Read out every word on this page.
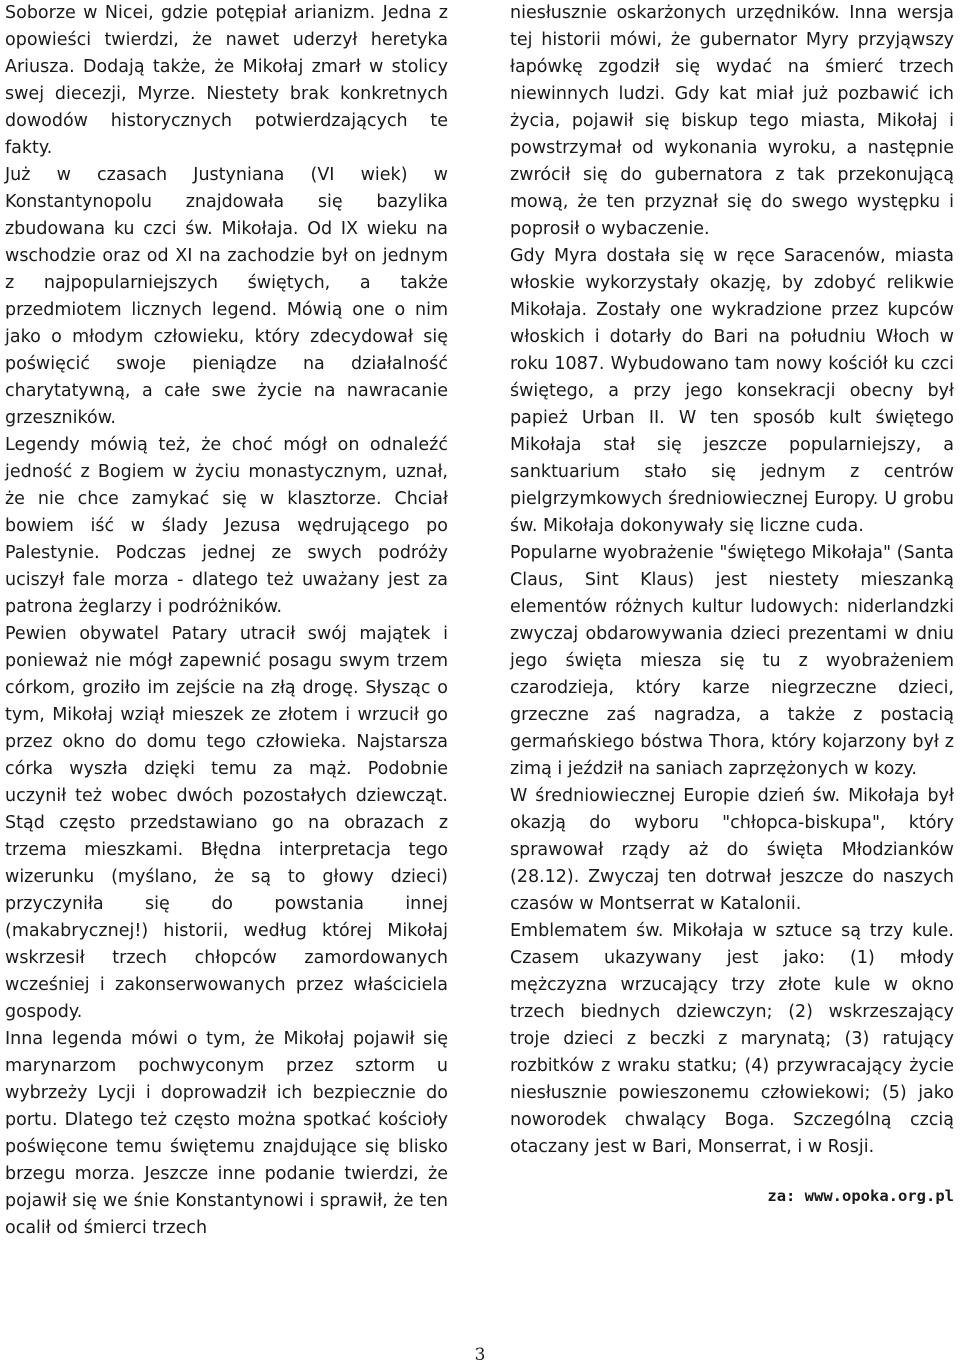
Soborze w Nicei, gdzie potępiał arianizm. Jedna z opowieści twierdzi, że nawet uderzył heretyka Ariusza. Dodają także, że Mikołaj zmarł w stolicy swej diecezji, Myrze. Niestety brak konkretnych dowodów historycznych potwierdzających te fakty.

Już w czasach Justyniana (VI wiek) w Konstantynopolu znajdowała się bazylika zbudowana ku czci św. Mikołaja. Od IX wieku na wschodzie oraz od XI na zachodzie był on jednym z najpopularniejszych świętych, a także przedmiotem licznych legend. Mówią one o nim jako o młodym człowieku, który zdecydował się poświęcić swoje pieniądze na działalność charytatywną, a całe swe życie na nawracanie grzeszników.

Legendy mówią też, że choć mógł on odnaleźć jedność z Bogiem w życiu monastycznym, uznał, że nie chce zamykać się w klasztorze. Chciał bowiem iść w ślady Jezusa wędrującego po Palestynie. Podczas jednej ze swych podróży uciszył fale morza - dlatego też uważany jest za patrona żeglarzy i podróżników.

Pewien obywatel Patary utracił swój majątek i ponieważ nie mógł zapewnić posagu swym trzem córkom, groziło im zejście na złą drogę. Słysząc o tym, Mikołaj wziął mieszek ze złotem i wrzucił go przez okno do domu tego człowieka. Najstarsza córka wyszła dzięki temu za mąż. Podobnie uczynił też wobec dwóch pozostałych dziewcząt. Stąd często przedstawiano go na obrazach z trzema mieszkami. Błędna interpretacja tego wizerunku (myślano, że są to głowy dzieci) przyczyniła się do powstania innej (makabrycznej!) historii, według której Mikołaj wskrzesił trzech chłopców zamordowanych wcześniej i zakonserwowanych przez właściciela gospody.

Inna legenda mówi o tym, że Mikołaj pojawił się marynarzom pochwyconym przez sztorm u wybrzeży Lycji i doprowadził ich bezpiecznie do portu. Dlatego też często można spotkać kościoły poświęcone temu świętemu znajdujące się blisko brzegu morza. Jeszcze inne podanie twierdzi, że pojawił się we śnie Konstantynowi i sprawił, że ten ocalił od śmierci trzech

niesłusznie oskarżonych urzędników. Inna wersja tej historii mówi, że gubernator Myry przyjąwszy łapówkę zgodził się wydać na śmierć trzech niewinnych ludzi. Gdy kat miał już pozbawić ich życia, pojawił się biskup tego miasta, Mikołaj i powstrzymał od wykonania wyroku, a następnie zwrócił się do gubernatora z tak przekonującą mową, że ten przyznał się do swego występku i poprosił o wybaczenie.

Gdy Myra dostała się w ręce Saracenów, miasta włoskie wykorzystały okazję, by zdobyć relikwie Mikołaja. Zostały one wykradzione przez kupców włoskich i dotarły do Bari na południu Włoch w roku 1087. Wybudowano tam nowy kościół ku czci świętego, a przy jego konsekracji obecny był papież Urban II. W ten sposób kult świętego Mikołaja stał się jeszcze popularniejszy, a sanktuarium stało się jednym z centrów pielgrzymkowych średniowiecznej Europy. U grobu św. Mikołaja dokonywały się liczne cuda.

Popularne wyobrażenie "świętego Mikołaja" (Santa Claus, Sint Klaus) jest niestety mieszanką elementów różnych kultur ludowych: niderlandzki zwyczaj obdarowywania dzieci prezentami w dniu jego święta miesza się tu z wyobrażeniem czarodzieja, który karze niegrzeczne dzieci, grzeczne zaś nagradza, a także z postacią germańskiego bóstwa Thora, który kojarzony był z zimą i jeździł na saniach zaprzężonych w kozy.

W średniowiecznej Europie dzień św. Mikołaja był okazją do wyboru "chłopca-biskupa", który sprawował rządy aż do święta Młodzianków (28.12). Zwyczaj ten dotrwał jeszcze do naszych czasów w Montserrat w Katalonii.

Emblematem św. Mikołaja w sztuce są trzy kule. Czasem ukazywany jest jako: (1) młody mężczyzna wrzucający trzy złote kule w okno trzech biednych dziewczyn; (2) wskrzeszający troje dzieci z beczki z marynatą; (3) ratujący rozbitków z wraku statku; (4) przywracający życie niesłusznie powieszonemu człowiekowi; (5) jako noworodek chwalący Boga. Szczególną czcią otaczany jest w Bari, Monserrat, i w Rosji.

za: www.opoka.org.pl

3
